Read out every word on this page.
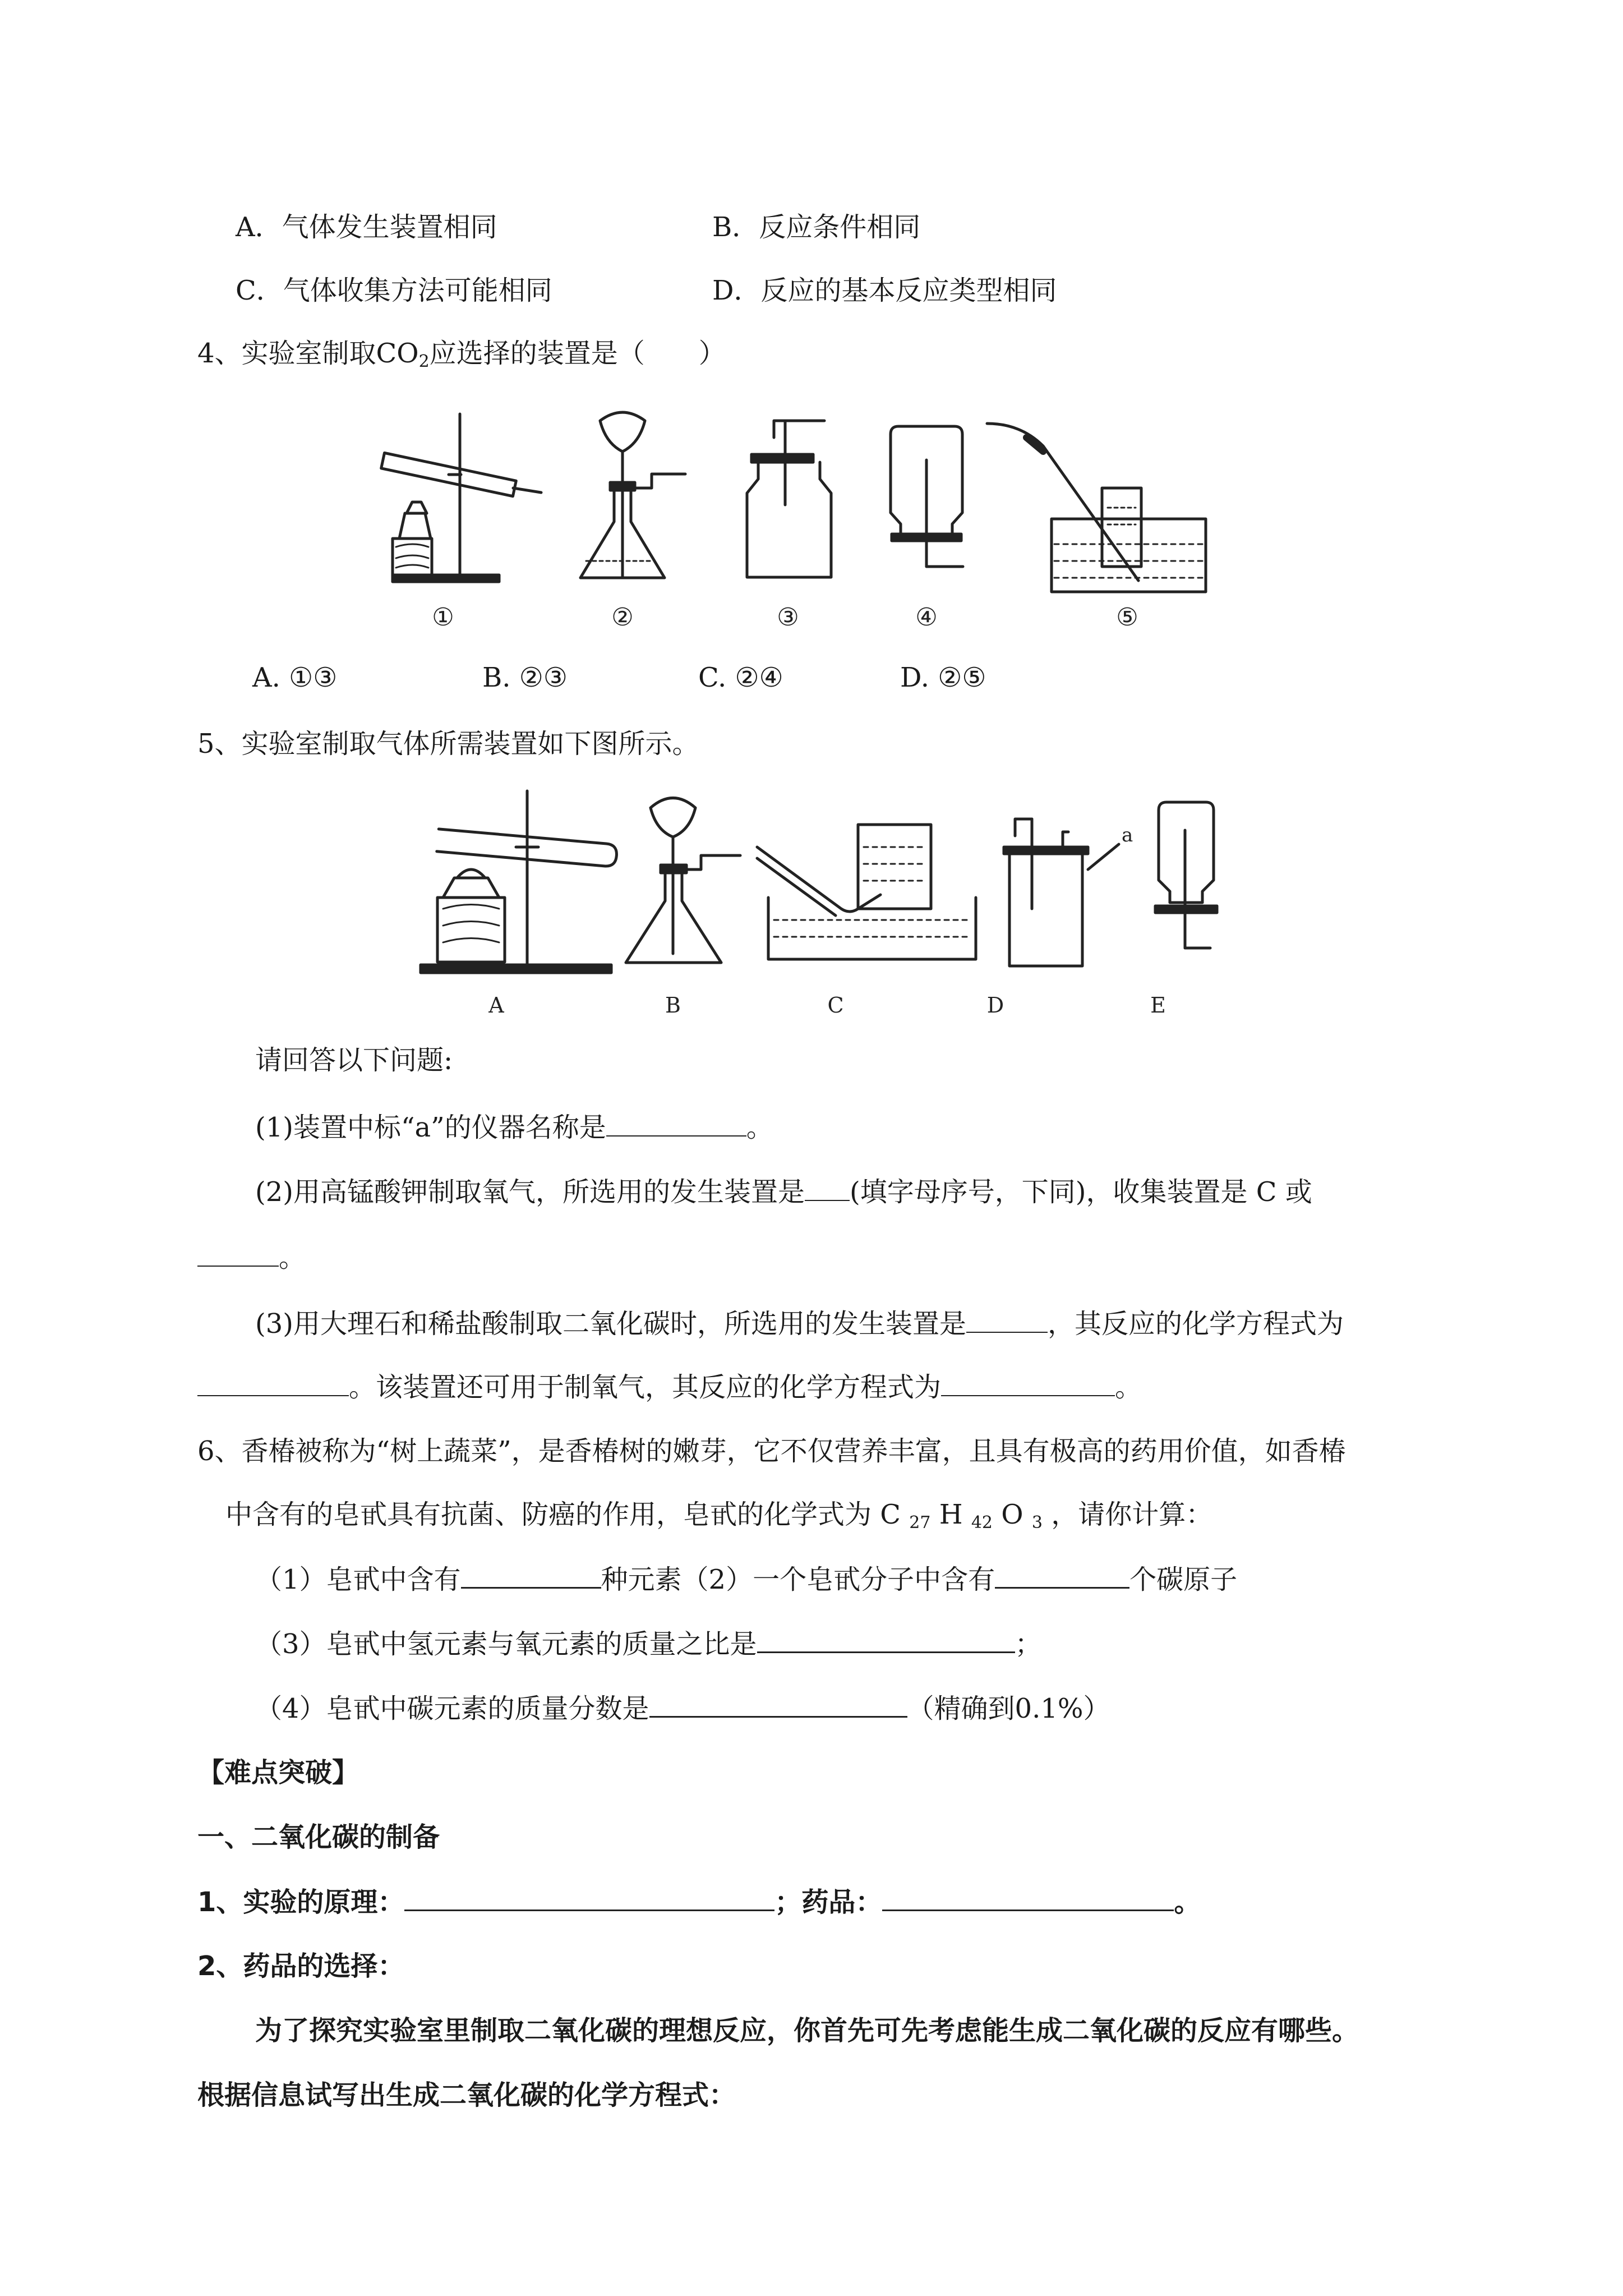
A．气体发生装置相同	B．反应条件相同
C．气体收集方法可能相同	D．反应的基本反应类型相同
4、实验室制取$CO_2$应选择的装置是（　　）
①	②	③	④	⑤
A. ①③	B. ②③	C. ②④	D. ②⑤
5、实验室制取气体所需装置如下图所示。
a
A	B	C	D	E
请回答以下问题:
(1)装置中标“a”的仪器名称是	。
(2)用高锰酸钾制取氧气，所选用的发生装置是 (填字母序号，下同)，收集装置是 C 或
。
(3)用大理石和稀盐酸制取二氧化碳时，所选用的发生装置是	，其反应的化学方程式为
。该装置还可用于制氧气，其反应的化学方程式为	。
6、香椿被称为“树上蔬菜”，是香椿树的嫩芽，它不仅营养丰富，且具有极高的药用价值，如香椿
中含有的皂甙具有抗菌、防癌的作用，皂甙的化学式为 C $_{27}$ H $_{42}$ O $_3$ ，请你计算：
（1）皂甙中含有	种元素（2）一个皂甙分子中含有	个碳原子
（3）皂甙中氢元素与氧元素的质量之比是	；
（4）皂甙中碳元素的质量分数是	（精确到0.1%）
【难点突破】
一、二氧化碳的制备
1、实验的原理：	；药品：	。
2、药品的选择：
为了探究实验室里制取二氧化碳的理想反应，你首先可先考虑能生成二氧化碳的反应有哪些。
根据信息试写出生成二氧化碳的化学方程式：
